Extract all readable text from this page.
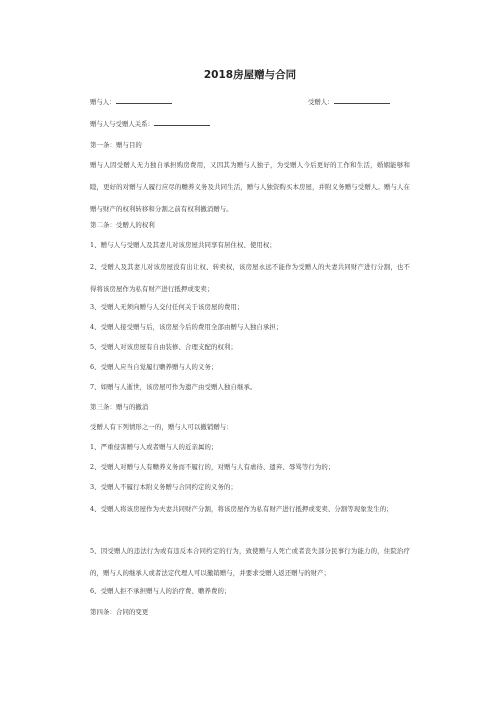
2018房屋赠与合同
赠与人：	受赠人：
赠与人与受赠人关系：
第一条：赠与目的
赠与人因受赠人无力独自承担购房费用，又因其为赠与人独子，为受赠人今后更好的工作和生活，婚姻能够和睦，更好的对赠与人履行应尽的赡养义务及共同生活，赠与人独资购买本房屋，并附义务赠与受赠人。赠与人在赠与财产的权利转移和分割之前有权利撤消赠与。
第二条：受赠人的权利
1、赠与人与受赠人及其妻儿对该房屋共同享有居住权、使用权；
2、受赠人及其妻儿对该房屋没有出让权、转卖权，该房屋永远不能作为受赠人的夫妻共同财产进行分割，也不得将该房屋作为私有财产进行抵押或变卖；
3、受赠人无须向赠与人交付任何关于该房屋的费用；
4、受赠人接受赠与后，该房屋今后的费用全部由赠与人独自承担；
5、受赠人对该房屋有自由装修、合理支配的权利；
6、受赠人应当自觉履行赡养赠与人的义务；
7、如赠与人逝世，该房屋可作为遗产由受赠人独自继承。
第三条：赠与的撤消
受赠人有下列情形之一的，赠与人可以撤销赠与：
1、严重侵害赠与人或者赠与人的近亲属的；
2、受赠人对赠与人有赡养义务而不履行的，对赠与人有虐待、遗弃、辱骂等行为的；
3、受赠人不履行本附义务赠与合同约定的义务的；
4、受赠人将该房屋作为夫妻共同财产分割，将该房屋作为私有财产进行抵押或变卖、分割等现象发生的；
5、因受赠人的违法行为或有违反本合同约定的行为，致使赠与人死亡或者丧失部分民事行为能力的，住院治疗的，赠与人的继承人或者法定代理人可以撤销赠与，并要求受赠人返还赠与的财产；
6、受赠人拒不承担赠与人的治疗费、赡养费的；
第四条：合同的变更
